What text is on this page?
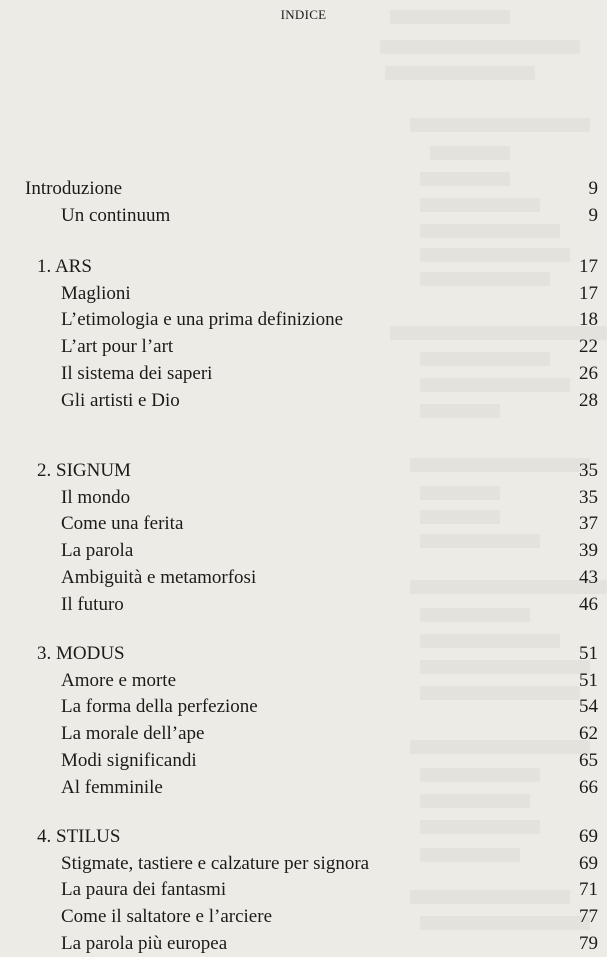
INDICE
Introduzione	9
Un continuum	9
1. ARS	17
Maglioni	17
L’etimologia e una prima definizione	18
L’art pour l’art	22
Il sistema dei saperi	26
Gli artisti e Dio	28
2. SIGNUM	35
Il mondo	35
Come una ferita	37
La parola	39
Ambiguità e metamorfosi	43
Il futuro	46
3. MODUS	51
Amore e morte	51
La forma della perfezione	54
La morale dell’ape	62
Modi significandi	65
Al femminile	66
4. STILUS	69
Stigmate, tastiere e calzature per signora	69
La paura dei fantasmi	71
Come il saltatore e l’arciere	77
La parola più europea	79
